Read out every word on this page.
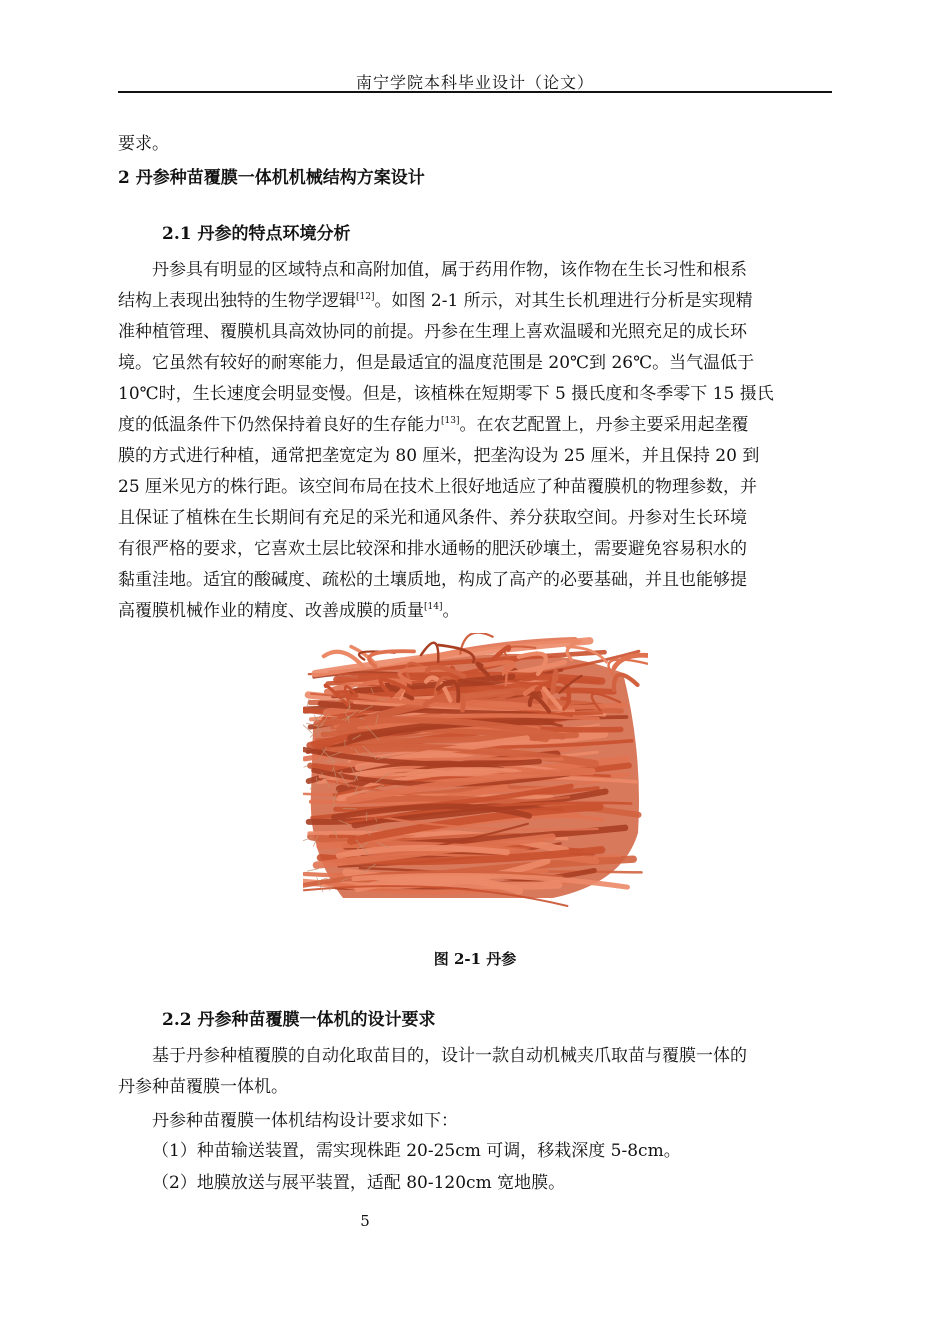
南宁学院本科毕业设计（论文）
要求。
2 丹参种苗覆膜一体机机械结构方案设计
2.1 丹参的特点环境分析
丹参具有明显的区域特点和高附加值，属于药用作物，该作物在生长习性和根系
结构上表现出独特的生物学逻辑[12]。如图 2-1 所示，对其生长机理进行分析是实现精
准种植管理、覆膜机具高效协同的前提。丹参在生理上喜欢温暖和光照充足的成长环
境。它虽然有较好的耐寒能力，但是最适宜的温度范围是 20℃到 26℃。当气温低于
10℃时，生长速度会明显变慢。但是，该植株在短期零下 5 摄氏度和冬季零下 15 摄氏
度的低温条件下仍然保持着良好的生存能力[13]。在农艺配置上，丹参主要采用起垄覆
膜的方式进行种植，通常把垄宽定为 80 厘米，把垄沟设为 25 厘米，并且保持 20 到
25 厘米见方的株行距。该空间布局在技术上很好地适应了种苗覆膜机的物理参数，并
且保证了植株在生长期间有充足的采光和通风条件、养分获取空间。丹参对生长环境
有很严格的要求，它喜欢土层比较深和排水通畅的肥沃砂壤土，需要避免容易积水的
黏重洼地。适宜的酸碱度、疏松的土壤质地，构成了高产的必要基础，并且也能够提
高覆膜机械作业的精度、改善成膜的质量[14]。
图 2-1 丹参
2.2 丹参种苗覆膜一体机的设计要求
基于丹参种植覆膜的自动化取苗目的，设计一款自动机械夹爪取苗与覆膜一体的
丹参种苗覆膜一体机。
丹参种苗覆膜一体机结构设计要求如下：
（1）种苗输送装置，需实现株距 20-25cm 可调，移栽深度 5-8cm。
（2）地膜放送与展平装置，适配 80-120cm 宽地膜。
5
